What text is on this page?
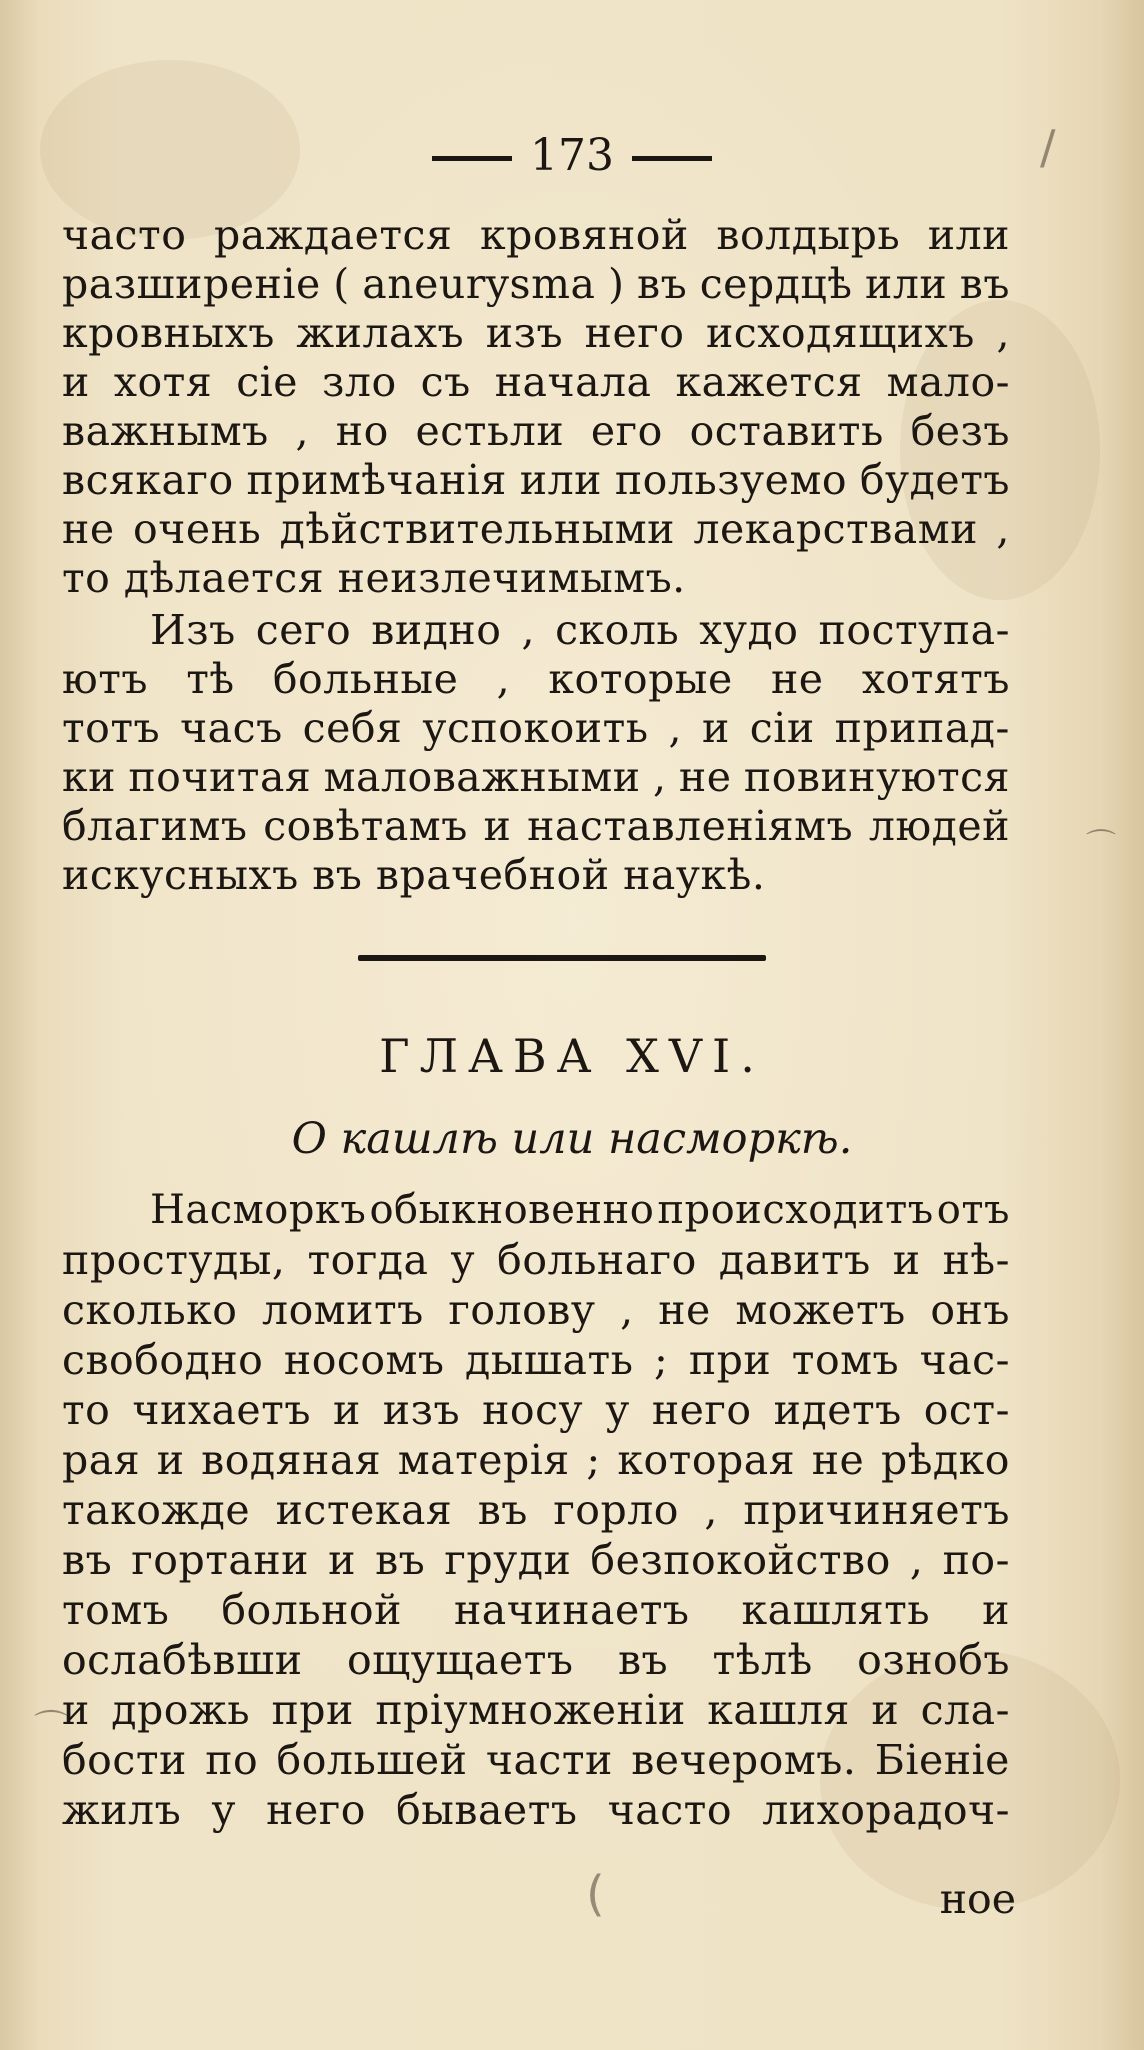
⌒
(
⌒
/
173
часто раждается кровяной волдырь или
разширеніе ( aneurysma ) въ сердцѣ или въ
кровныхъ жилахъ изъ него исходящихъ ,
и хотя сіе зло съ начала кажется мало-
важнымъ , но естьли его оставить безъ
всякаго примѣчанія или пользуемо будетъ
не очень дѣйствительными лекарствами ,
то дѣлается неизлечимымъ.
Изъ сего видно , сколь худо поступа-
ютъ тѣ больные , которые не хотятъ
тотъ часъ себя успокоить , и сіи припад-
ки почитая маловажными , не повинуются
благимъ совѣтамъ и наставленіямъ людей
искусныхъ въ врачебной наукѣ.
ГЛАВА XVI.
О кашлѣ или насморкѣ.
Насморкъ обыкновенно происходитъ отъ
простуды, тогда у больнаго давитъ и нѣ-
сколько ломитъ голову , не можетъ онъ
свободно носомъ дышать ; при томъ час-
то чихаетъ и изъ носу у него идетъ ост-
рая и водяная матерія ; которая не рѣдко
такожде истекая въ горло , причиняетъ
въ гортани и въ груди безпокойство , по-
томъ больной начинаетъ кашлять и
ослабѣвши ощущаетъ въ тѣлѣ ознобъ
и дрожь при пріумноженіи кашля и сла-
бости по большей части вечеромъ. Біеніе
жилъ у него бываетъ часто лихорадоч-
ное
